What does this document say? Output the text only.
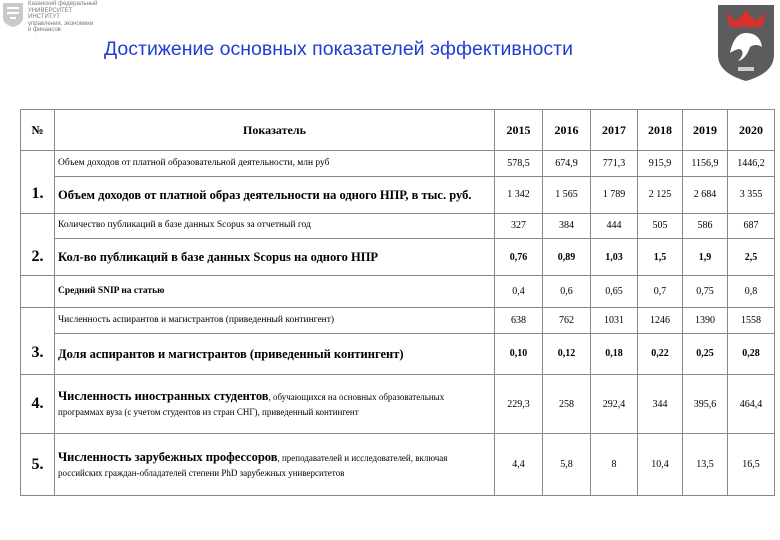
Казанский федеральный
УНИВЕРСИТЕТ
ИНСТИТУТ
управления, экономики
и финансов
Достижение основных показателей эффективности
№	Показатель	2015	2016	2017	2018	2019	2020
	Объем доходов от платной образовательной деятельности, млн руб	578,5	674,9	771,3	915,9	1156,9	1446,2
1.	Объем доходов от платной образ деятельности на одного НПР, в тыс. руб.	1 342	1 565	1 789	2 125	2 684	3 355
	Количество публикаций в базе данных Scopus за отчетный год	327	384	444	505	586	687
2.	Кол-во публикаций в базе данных Scopus на одного НПР	0,76	0,89	1,03	1,5	1,9	2,5
	Средний SNIP на статью	0,4	0,6	0,65	0,7	0,75	0,8
	Численность аспирантов и магистрантов (приведенный контингент)	638	762	1031	1246	1390	1558
3.	Доля аспирантов и магистрантов (приведенный контингент)	0,10	0,12	0,18	0,22	0,25	0,28
4.	Численность иностранных студентов, обучающихся на основных образовательных программах вуза (с учетом студентов из стран СНГ), приведенный контингент	229,3	258	292,4	344	395,6	464,4
5.	Численность зарубежных профессоров, преподавателей и исследователей, включая российских граждан-обладателей степени PhD зарубежных университетов	4,4	5,8	8	10,4	13,5	16,5
